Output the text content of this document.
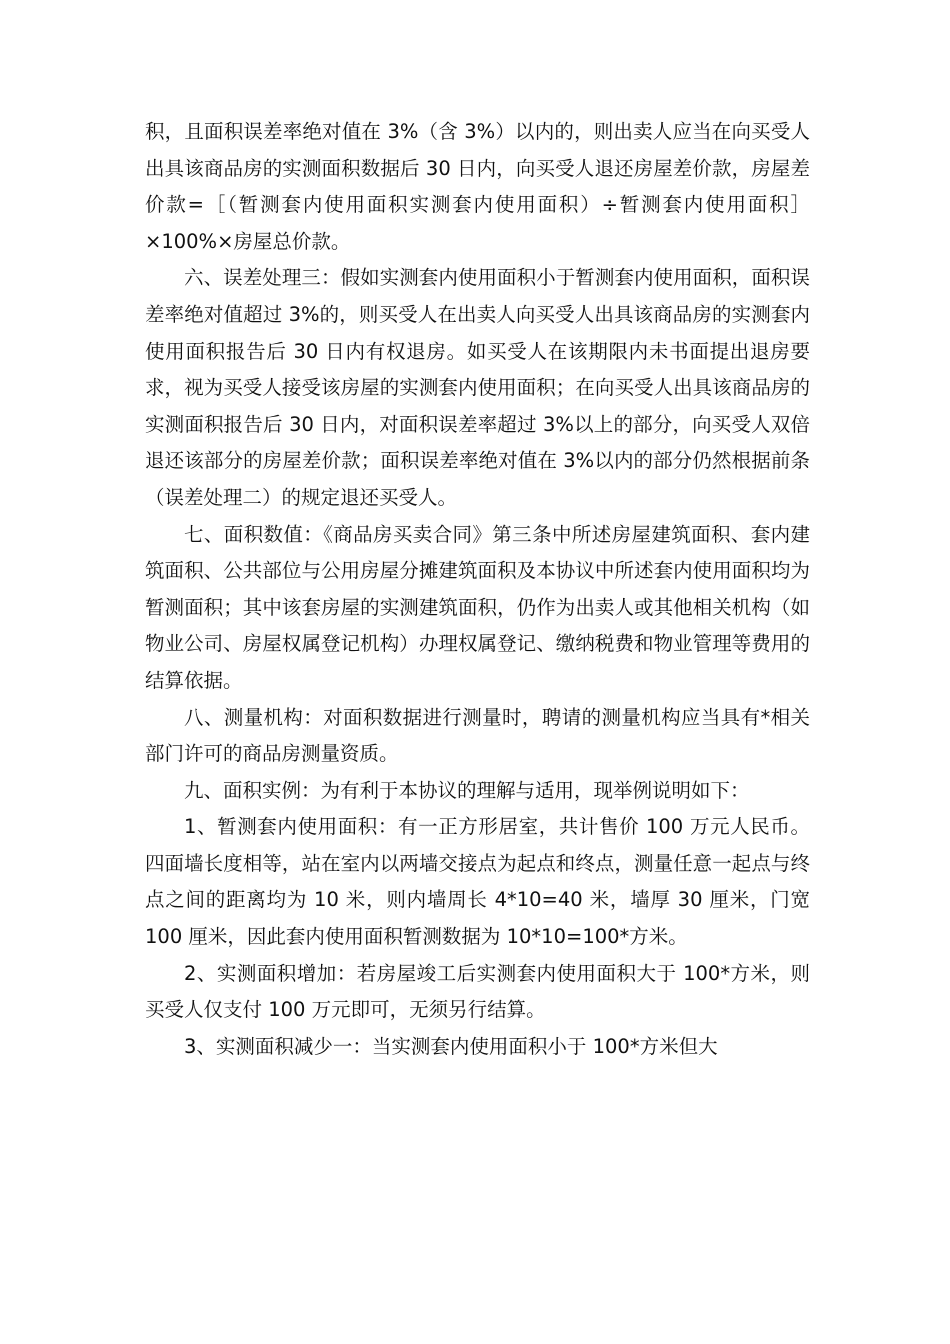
积，且面积误差率绝对值在 3%（含 3%）以内的，则出卖人应当在向买受人出具该商品房的实测面积数据后 30 日内，向买受人退还房屋差价款，房屋差价款=［（暂测套内使用面积实测套内使用面积）÷暂测套内使用面积］×100%×房屋总价款。

六、误差处理三：假如实测套内使用面积小于暂测套内使用面积，面积误差率绝对值超过 3%的，则买受人在出卖人向买受人出具该商品房的实测套内使用面积报告后 30 日内有权退房。如买受人在该期限内未书面提出退房要求，视为买受人接受该房屋的实测套内使用面积；在向买受人出具该商品房的实测面积报告后 30 日内，对面积误差率超过 3%以上的部分，向买受人双倍退还该部分的房屋差价款；面积误差率绝对值在 3%以内的部分仍然根据前条（误差处理二）的规定退还买受人。

七、面积数值：《商品房买卖合同》第三条中所述房屋建筑面积、套内建筑面积、公共部位与公用房屋分摊建筑面积及本协议中所述套内使用面积均为暂测面积；其中该套房屋的实测建筑面积，仍作为出卖人或其他相关机构（如物业公司、房屋权属登记机构）办理权属登记、缴纳税费和物业管理等费用的结算依据。

八、测量机构：对面积数据进行测量时，聘请的测量机构应当具有*相关部门许可的商品房测量资质。

九、面积实例：为有利于本协议的理解与适用，现举例说明如下：

1、暂测套内使用面积：有一正方形居室，共计售价 100 万元人民币。四面墙长度相等，站在室内以两墙交接点为起点和终点，测量任意一起点与终点之间的距离均为 10 米，则内墙周长 4*10=40 米，墙厚 30 厘米，门宽 100 厘米，因此套内使用面积暂测数据为 10*10=100*方米。

2、实测面积增加：若房屋竣工后实测套内使用面积大于 100*方米，则买受人仅支付 100 万元即可，无须另行结算。

3、实测面积减少一：当实测套内使用面积小于 100*方米但大
